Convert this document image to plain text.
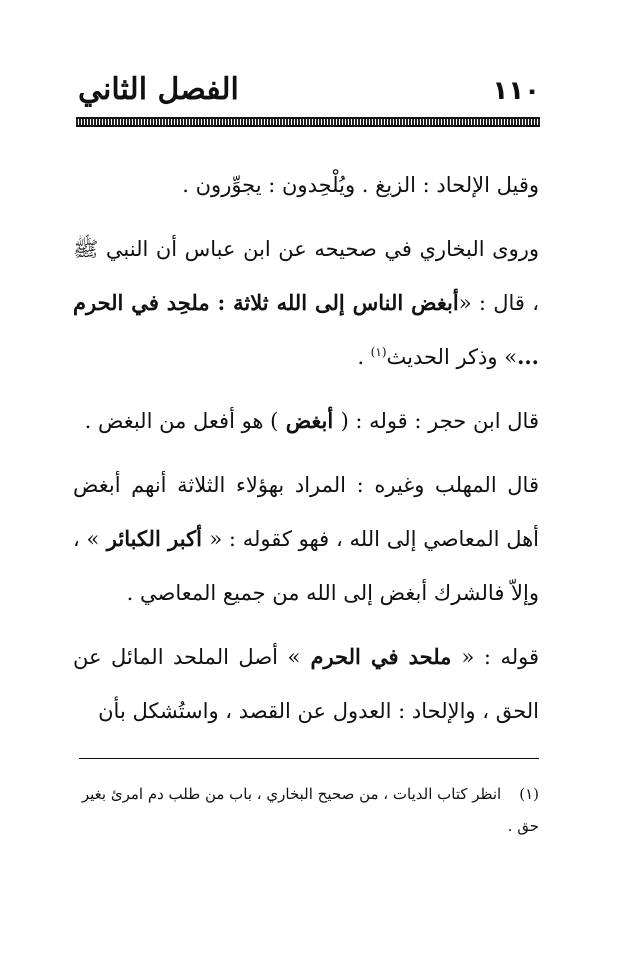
١١٠
الفصل الثاني

وقيل الإلحاد : الزيغ . ويُلْحِدون : يجوِّرون .

وروى البخاري في صحيحه عن ابن عباس أن النبي ﷺ ، قال : «أبغض الناس إلى الله ثلاثة : ملحِد في الحرم ...» وذكر الحديث$^{(١)}$ .

قال ابن حجر : قوله : ( أبغض ) هو أفعل من البغض .

قال المهلب وغيره : المراد بهؤلاء الثلاثة أنهم أبغض أهل المعاصي إلى الله ، فهو كقوله : « أكبر الكبائر » ، وإلاّ فالشرك أبغض إلى الله من جميع المعاصي .

قوله : « ملحد في الحرم » أصل الملحد المائل عن الحق ، والإلحاد : العدول عن القصد ، واستُشكل بأن

(١)انظر كتاب الديات ، من صحيح البخاري ، باب من طلب دم امرئ بغير حق .
